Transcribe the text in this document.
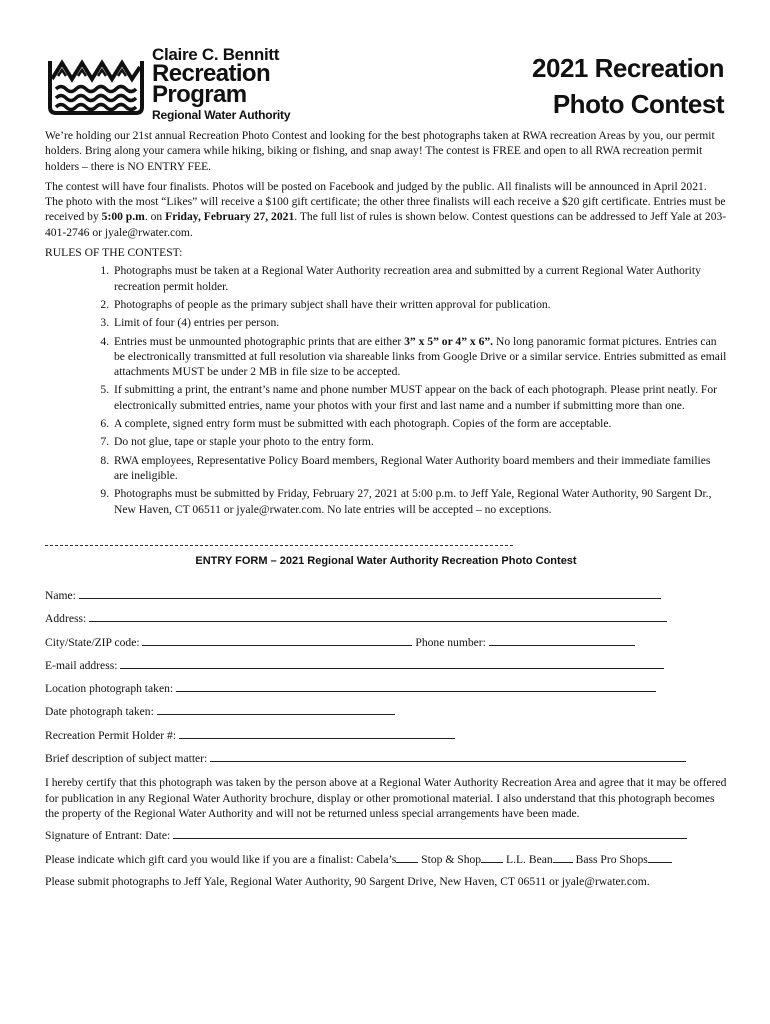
Claire C. Bennitt
Recreation
Program
Regional Water Authority
2021 Recreation
Photo Contest

We’re holding our 21st annual Recreation Photo Contest and looking for the best photographs taken at RWA recreation Areas by you, our permit holders. Bring along your camera while hiking, biking or fishing, and snap away! The contest is FREE and open to all RWA recreation permit holders – there is NO ENTRY FEE.

The contest will have four finalists. Photos will be posted on Facebook and judged by the public. All finalists will be announced in April 2021. The photo with the most “Likes” will receive a $100 gift certificate; the other three finalists will each receive a $20 gift certificate. Entries must be received by 5:00 p.m. on Friday, February 27, 2021. The full list of rules is shown below. Contest questions can be addressed to Jeff Yale at 203-401-2746 or jyale@rwater.com.

RULES OF THE CONTEST:
1. Photographs must be taken at a Regional Water Authority recreation area and submitted by a current Regional Water Authority recreation permit holder.
2. Photographs of people as the primary subject shall have their written approval for publication.
3. Limit of four (4) entries per person.
4. Entries must be unmounted photographic prints that are either 3” x 5” or 4” x 6”. No long panoramic format pictures. Entries can be electronically transmitted at full resolution via shareable links from Google Drive or a similar service. Entries submitted as email attachments MUST be under 2 MB in file size to be accepted.
5. If submitting a print, the entrant’s name and phone number MUST appear on the back of each photograph. Please print neatly. For electronically submitted entries, name your photos with your first and last name and a number if submitting more than one.
6. A complete, signed entry form must be submitted with each photograph. Copies of the form are acceptable.
7. Do not glue, tape or staple your photo to the entry form.
8. RWA employees, Representative Policy Board members, Regional Water Authority board members and their immediate families are ineligible.
9. Photographs must be submitted by Friday, February 27, 2021 at 5:00 p.m. to Jeff Yale, Regional Water Authority, 90 Sargent Dr., New Haven, CT 06511 or jyale@rwater.com. No late entries will be accepted – no exceptions.
ENTRY FORM – 2021 Regional Water Authority Recreation Photo Contest
Name:
Address:
City/State/ZIP code:	Phone number:
E-mail address:
Location photograph taken:
Date photograph taken:
Recreation Permit Holder #:
Brief description of subject matter:
I hereby certify that this photograph was taken by the person above at a Regional Water Authority Recreation Area and agree that it may be offered for publication in any Regional Water Authority brochure, display or other promotional material. I also understand that this photograph becomes the property of the Regional Water Authority and will not be returned unless special arrangements have been made.
Signature of Entrant: Date:
Please indicate which gift card you would like if you are a finalist: Cabela’s Stop & Shop L.L. Bean Bass Pro Shops
Please submit photographs to Jeff Yale, Regional Water Authority, 90 Sargent Drive, New Haven, CT 06511 or jyale@rwater.com.
